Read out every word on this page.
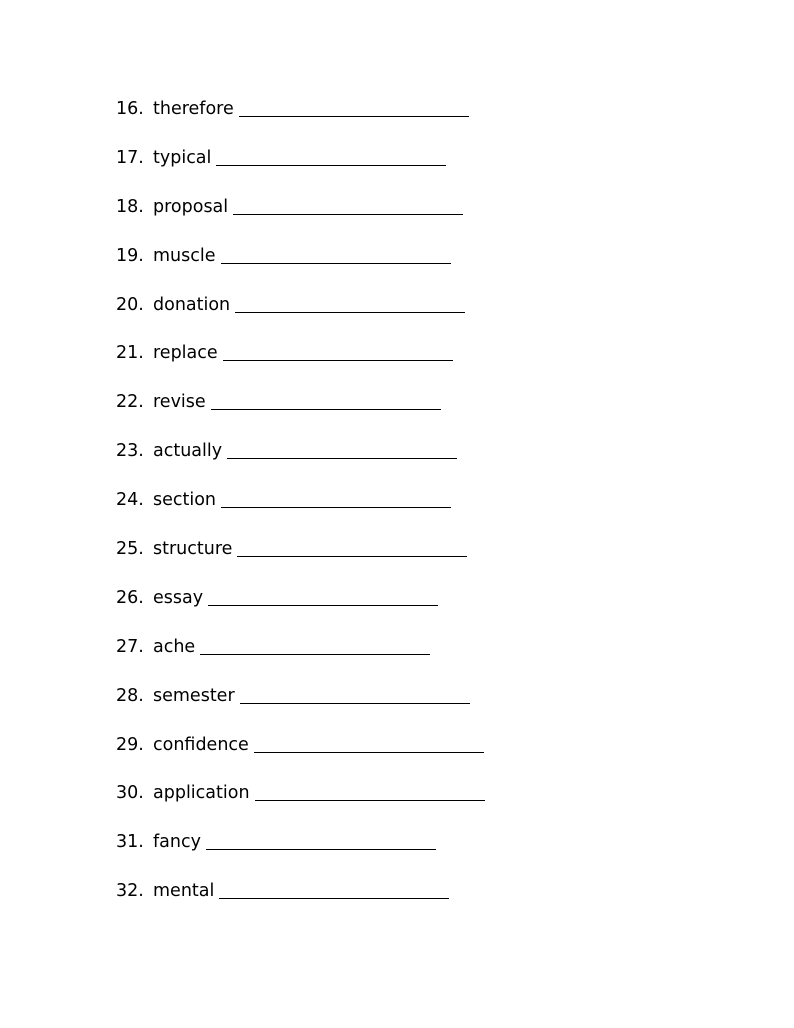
16. therefore
17. typical
18. proposal
19. muscle
20. donation
21. replace
22. revise
23. actually
24. section
25. structure
26. essay
27. ache
28. semester
29. confidence
30. application
31. fancy
32. mental
